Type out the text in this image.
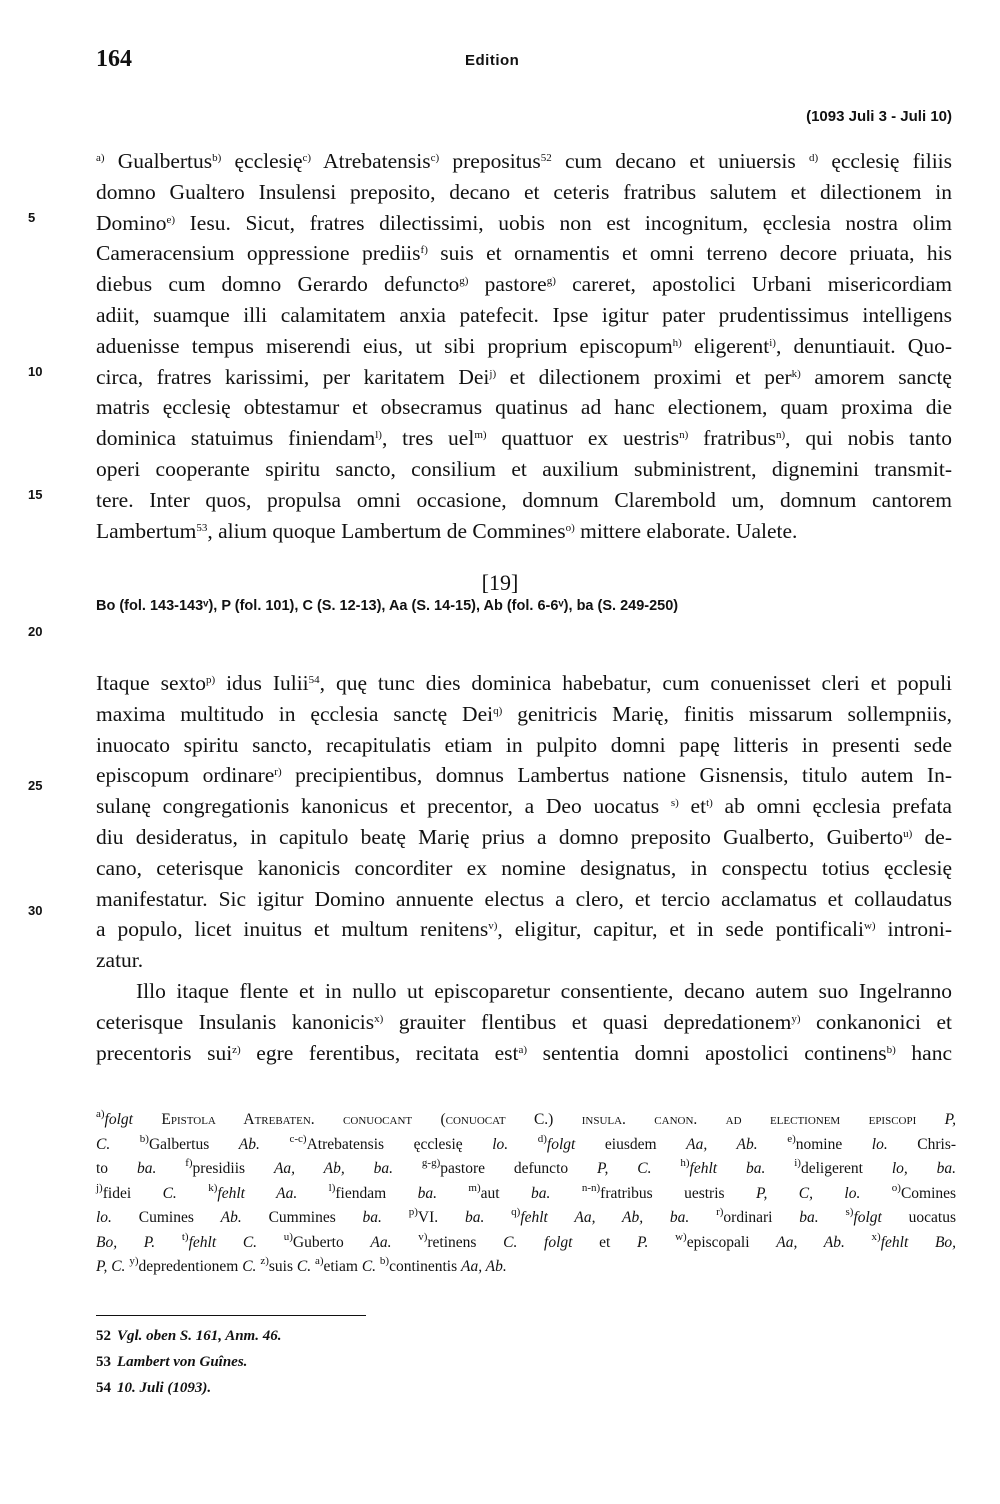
164	Edition
(1093 Juli 3 - Juli 10)
$^{a)}$ Gualbertus$^{b)}$ ęcclesię$^{c)}$ Atrebatensis$^{c)}$ prepositus$^{52}$ cum decano et uniuersis $^{d)}$ ęcclesię filiis
domno Gualtero Insulensi preposito, decano et ceteris fratribus salutem et dilectionem in
Domino$^{e)}$ Iesu. Sicut, fratres dilectissimi, uobis non est incognitum, ęcclesia nostra olim
Cameracensium oppressione prediis$^{f)}$ suis et ornamentis et omni terreno decore priuata, his
diebus cum domno Gerardo defuncto$^{g)}$ pastore$^{g)}$ careret, apostolici Urbani misericordiam
adiit, suamque illi calamitatem anxia patefecit. Ipse igitur pater prudentissimus intelligens
aduenisse tempus miserendi eius, ut sibi proprium episcopum$^{h)}$ eligerent$^{i)}$, denuntiauit. Quo-
circa, fratres karissimi, per karitatem Dei$^{j)}$ et dilectionem proximi et per$^{k)}$ amorem sanctę
matris ęcclesię obtestamur et obsecramus quatinus ad hanc electionem, quam proxima die
dominica statuimus finiendam$^{l)}$, tres uel$^{m)}$ quattuor ex uestris$^{n)}$ fratribus$^{n)}$, qui nobis tanto
operi cooperante spiritu sancto, consilium et auxilium subministrent, dignemini transmit-
tere. Inter quos, propulsa omni occasione, domnum Clarembold um, domnum cantorem
Lambertum$^{53}$, alium quoque Lambertum de Commines$^{o)}$ mittere elaborate. Ualete.
5
10
15
20
25
30
[19]
Bo (fol. 143-143ᵛ), P (fol. 101), C (S. 12-13), Aa (S. 14-15), Ab (fol. 6-6ᵛ), ba (S. 249-250)
Itaque sexto$^{p)}$ idus Iulii$^{54}$, quę tunc dies dominica habebatur, cum conuenisset cleri et populi
maxima multitudo in ęcclesia sanctę Dei$^{q)}$ genitricis Marię, finitis missarum sollempniis,
inuocato spiritu sancto, recapitulatis etiam in pulpito domni papę litteris in presenti sede
episcopum ordinare$^{r)}$ precipientibus, domnus Lambertus natione Gisnensis, titulo autem In-
sulanę congregationis kanonicus et precentor, a Deo uocatus $^{s)}$ $et^{t)}$ ab omni ęcclesia prefata
diu desideratus, in capitulo beatę Marię prius a domno preposito Gualberto, Guiberto$^{u)}$ de-
cano, ceterisque kanonicis concorditer ex nomine designatus, in conspectu totius ęcclesię
manifestatur. Sic igitur Domino annuente electus a clero, et tercio acclamatus et collaudatus
a populo, licet inuitus et multum renitens$^{v)}$, eligitur, capitur, et in sede pontificali$^{w)}$ introni-
zatur.
Illo itaque flente et in nullo ut episcoparetur consentiente, decano autem suo Ingelranno
ceterisque Insulanis kanonicis$^{x)}$ grauiter flentibus et quasi depredationem$^{y)}$ conkanonici et
precentoris sui$^{z)}$ egre ferentibus, recitata est$^{a)}$ sententia domni apostolici continens$^{b)}$ hanc
$^{a)}$folgt Epistola Atrebaten. conuocant (conuocat C.) insula. canon. ad electionem episcopi P,
C.	$^{b)}$Galbertus Ab.	$^{c-c)}$Atrebatensis ęcclesię lo.	$^{d)}$folgt eiusdem Aa, Ab.	$^{e)}$nomine lo. Chris-
to ba.	$^{f)}$presidiis Aa, Ab, ba.	$^{g-g)}$pastore defuncto P, C.	$^{h)}$fehlt ba.	$^{i)}$deligerent lo, ba.
$^{j)}$fidei C.	$^{k)}$fehlt Aa.	$^{l)}$fiendam ba.	$^{m)}$aut ba.	$^{n-n)}$fratribus uestris P, C, lo.	$^{o)}$Comines
lo. Cumines Ab. Cummines ba. $^{p)}$VI. ba. $^{q)}$fehlt Aa, Ab, ba. $^{r)}$ordinari ba. $^{s)}$folgt uocatus
Bo, P. $^{t)}$fehlt C. $^{u)}$Guberto Aa. $^{v)}$retinens C. folgt et P. $^{w)}$episcopali Aa, Ab. $^{x)}$fehlt Bo,
P, C. $^{y)}$depredentionem C. $^{z)}$suis C. $^{a)}$etiam C. $^{b)}$continentis Aa, Ab.
52 Vgl. oben S. 161, Anm. 46.
53 Lambert von Guînes.
54 10. Juli (1093).
